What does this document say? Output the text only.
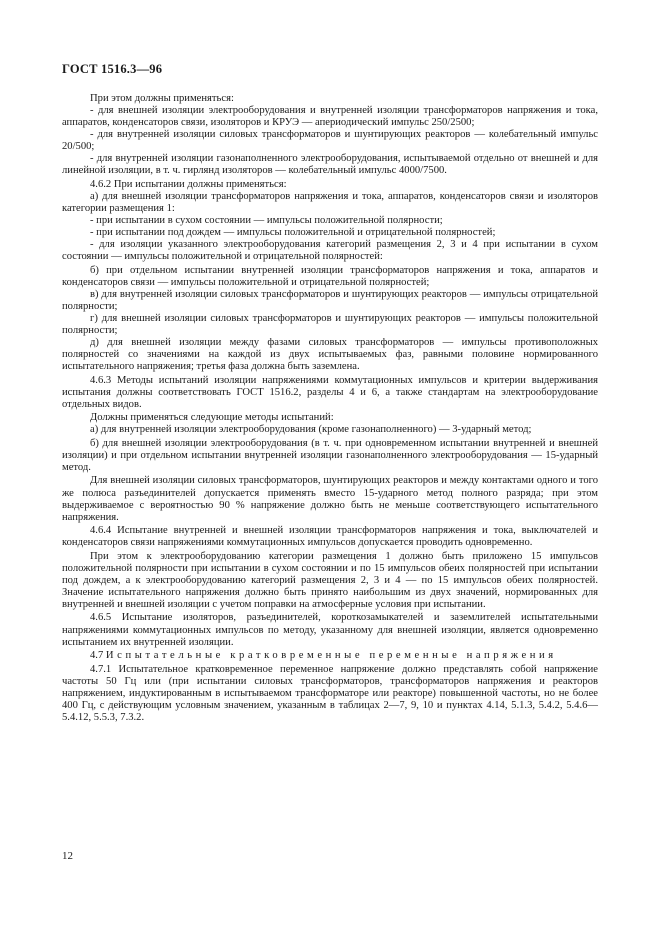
ГОСТ 1516.3—96

При этом должны применяться:

- для внешней изоляции электрооборудования и внутренней изоляции трансформаторов напряжения и тока, аппаратов, конденсаторов связи, изоляторов и КРУЭ — апериодический импульс 250/2500;

- для внутренней изоляции силовых трансформаторов и шунтирующих реакторов — колебательный импульс 20/500;

- для внутренней изоляции газонаполненного электрооборудования, испытываемой отдельно от внешней и для линейной изоляции, в т. ч. гирлянд изоляторов — колебательный импульс 4000/7500.

4.6.2 При испытании должны применяться:

а) для внешней изоляции трансформаторов напряжения и тока, аппаратов, конденсаторов связи и изоляторов категории размещения 1:

- при испытании в сухом состоянии — импульсы положительной полярности;

- при испытании под дождем — импульсы положительной и отрицательной полярностей;

- для изоляции указанного электрооборудования категорий размещения 2, 3 и 4 при испытании в сухом состоянии — импульсы положительной и отрицательной полярностей:

б) при отдельном испытании внутренней изоляции трансформаторов напряжения и тока, аппаратов и конденсаторов связи — импульсы положительной и отрицательной полярностей;

в) для внутренней изоляции силовых трансформаторов и шунтирующих реакторов — импульсы отрицательной полярности;

г) для внешней изоляции силовых трансформаторов и шунтирующих реакторов — импульсы положительной полярности;

д) для внешней изоляции между фазами силовых трансформаторов — импульсы противоположных полярностей со значениями на каждой из двух испытываемых фаз, равными половине нормированного испытательного напряжения; третья фаза должна быть заземлена.

4.6.3 Методы испытаний изоляции напряжениями коммутационных импульсов и критерии выдерживания испытания должны соответствовать ГОСТ 1516.2, разделы 4 и 6, а также стандартам на электрооборудование отдельных видов.

Должны применяться следующие методы испытаний:

а) для внутренней изоляции электрооборудования (кроме газонаполненного) — 3-ударный метод;

б) для внешней изоляции электрооборудования (в т. ч. при одновременном испытании внутренней и внешней изоляции) и при отдельном испытании внутренней изоляции газонаполненного электрооборудования — 15-ударный метод.

Для внешней изоляции силовых трансформаторов, шунтирующих реакторов и между контактами одного и того же полюса разъединителей допускается применять вместо 15-ударного метод полного разряда; при этом выдерживаемое с вероятностью 90 % напряжение должно быть не меньше соответствующего испытательного напряжения.

4.6.4 Испытание внутренней и внешней изоляции трансформаторов напряжения и тока, выключателей и конденсаторов связи напряжениями коммутационных импульсов допускается проводить одновременно.

При этом к электрооборудованию категории размещения 1 должно быть приложено 15 импульсов положительной полярности при испытании в сухом состоянии и по 15 импульсов обеих полярностей при испытании под дождем, а к электрооборудованию категорий размещения 2, 3 и 4 — по 15 импульсов обеих полярностей. Значение испытательного напряжения должно быть принято наибольшим из двух значений, нормированных для внутренней и внешней изоляции с учетом поправки на атмосферные условия при испытании.

4.6.5 Испытание изоляторов, разъединителей, короткозамыкателей и заземлителей испытательными напряжениями коммутационных импульсов по методу, указанному для внешней изоляции, является одновременно испытанием их внутренней изоляции.

4.7 Испытательные кратковременные переменные напряжения

4.7.1 Испытательное кратковременное переменное напряжение должно представлять собой напряжение частоты 50 Гц или (при испытании силовых трансформаторов, трансформаторов напряжения и реакторов напряжением, индуктированным в испытываемом трансформаторе или реакторе) повышенной частоты, но не более 400 Гц, с действующим условным значением, указанным в таблицах 2—7, 9, 10 и пунктах 4.14, 5.1.3, 5.4.2, 5.4.6—5.4.12, 5.5.3, 7.3.2.

12
